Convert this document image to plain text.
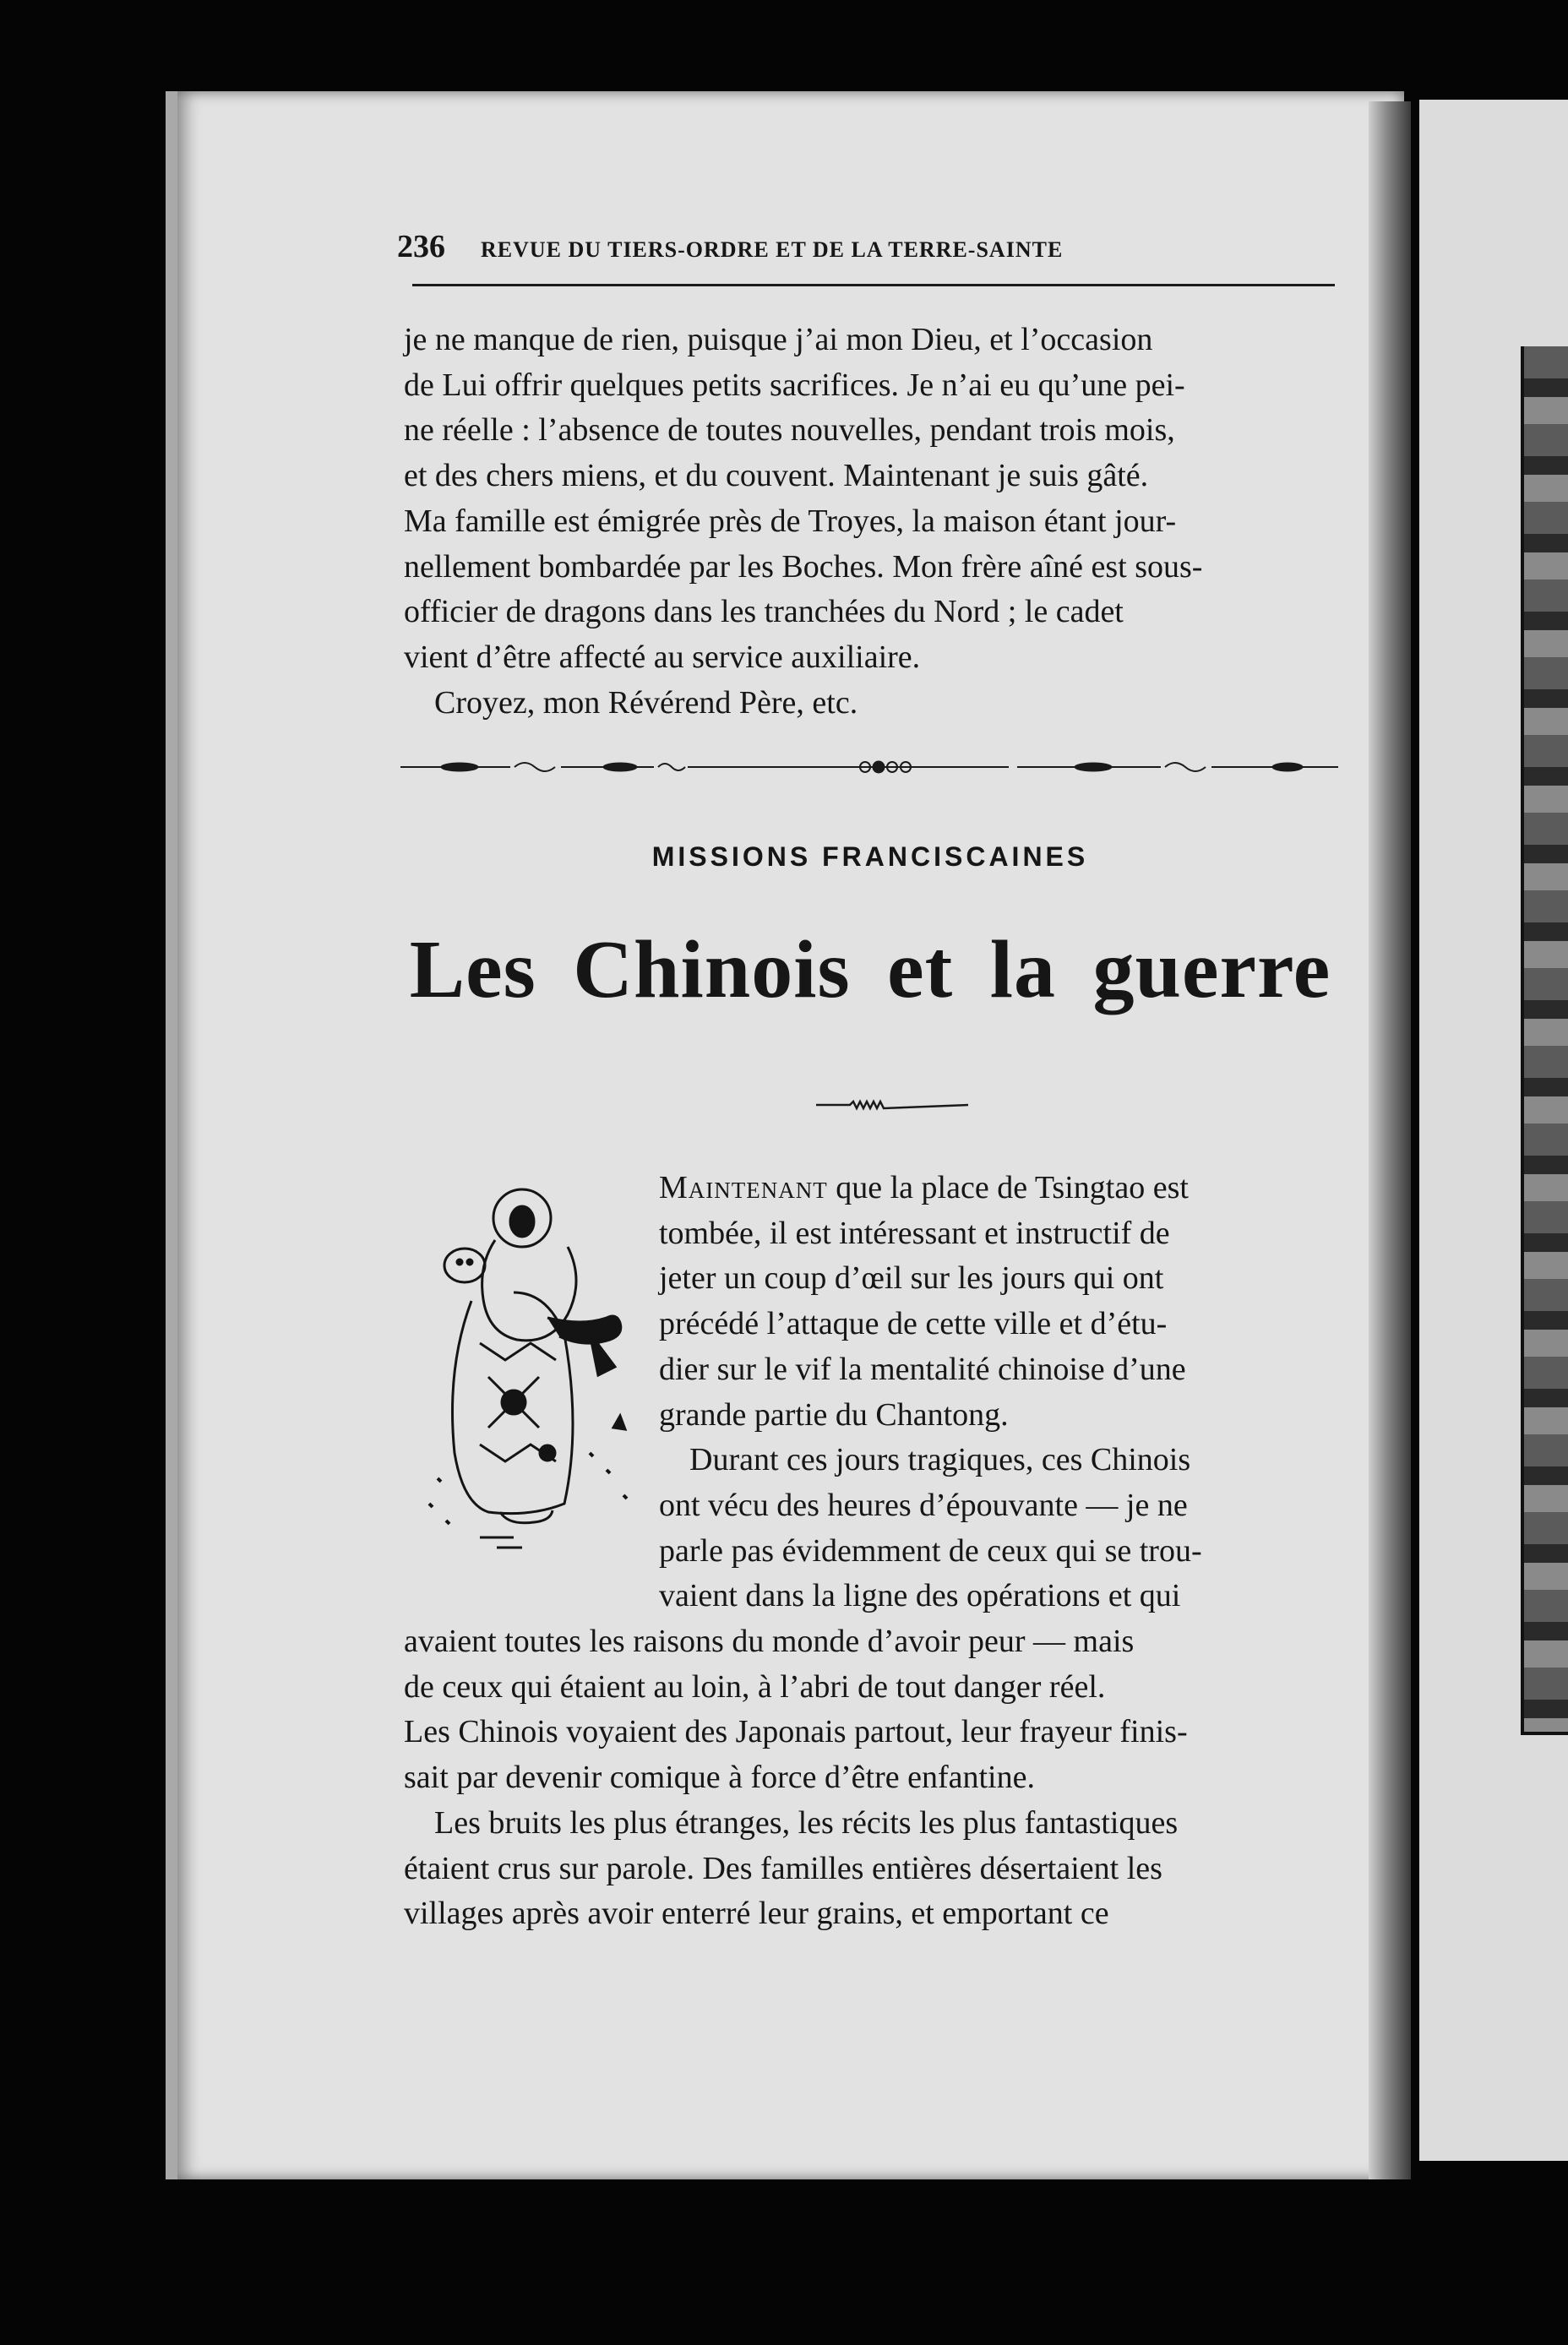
236 REVUE DU TIERS-ORDRE ET DE LA TERRE-SAINTE
je ne manque de rien, puisque j’ai mon Dieu, et l’occasion
de Lui offrir quelques petits sacrifices. Je n’ai eu qu’une pei-
ne réelle : l’absence de toutes nouvelles, pendant trois mois,
et des chers miens, et du couvent. Maintenant je suis gâté.
Ma famille est émigrée près de Troyes, la maison étant jour-
nellement bombardée par les Boches. Mon frère aîné est sous-
officier de dragons dans les tranchées du Nord ; le cadet
vient d’être affecté au service auxiliaire.
Croyez, mon Révérend Père, etc.
MISSIONS FRANCISCAINES
Les Chinois et la guerre
Maintenant que la place de Tsingtao est
tombée, il est intéressant et instructif de
jeter un coup d’œil sur les jours qui ont
précédé l’attaque de cette ville et d’étu-
dier sur le vif la mentalité chinoise d’une
grande partie du Chantong.
Durant ces jours tragiques, ces Chinois
ont vécu des heures d’épouvante — je ne
parle pas évidemment de ceux qui se trou-
vaient dans la ligne des opérations et qui
avaient toutes les raisons du monde d’avoir peur — mais
de ceux qui étaient au loin, à l’abri de tout danger réel.
Les Chinois voyaient des Japonais partout, leur frayeur finis-
sait par devenir comique à force d’être enfantine.
Les bruits les plus étranges, les récits les plus fantastiques
étaient crus sur parole. Des familles entières désertaient les
villages après avoir enterré leur grains, et emportant ce
